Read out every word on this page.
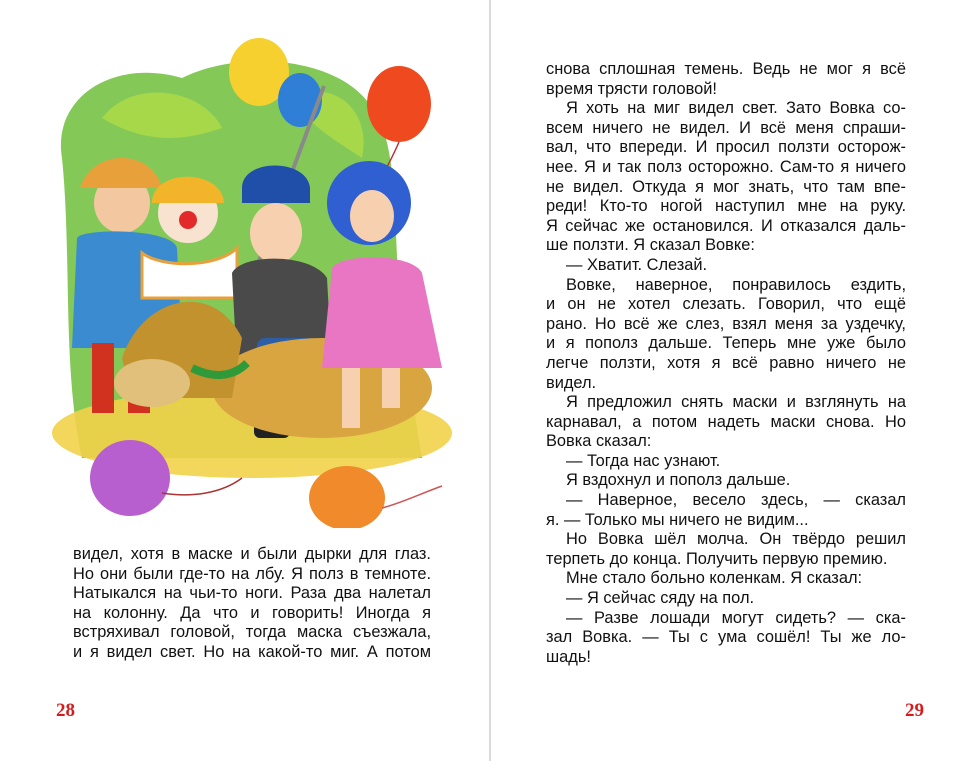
видел, хотя в маске и были дырки для глаз.
Но они были где-то на лбу. Я полз в темноте.
Натыкался на чьи-то ноги. Раза два налетал
на колонну. Да что и говорить! Иногда я
встряхивал головой, тогда маска съезжала,
и я видел свет. Но на какой-то миг. А потом
снова сплошная темень. Ведь не мог я всё
время трясти головой!
Я хоть на миг видел свет. Зато Вовка со-
всем ничего не видел. И всё меня спраши-
вал, что впереди. И просил ползти осторож-
нее. Я и так полз осторожно. Сам-то я ничего
не видел. Откуда я мог знать, что там впе-
реди! Кто-то ногой наступил мне на руку.
Я сейчас же остановился. И отказался даль-
ше ползти. Я сказал Вовке:
— Хватит. Слезай.
Вовке, наверное, понравилось ездить,
и он не хотел слезать. Говорил, что ещё
рано. Но всё же слез, взял меня за уздечку,
и я пополз дальше. Теперь мне уже было
легче ползти, хотя я всё равно ничего не
видел.
Я предложил снять маски и взглянуть на
карнавал, а потом надеть маски снова. Но
Вовка сказал:
— Тогда нас узнают.
Я вздохнул и пополз дальше.
— Наверное, весело здесь, — сказал
я. — Только мы ничего не видим...
Но Вовка шёл молча. Он твёрдо решил
терпеть до конца. Получить первую премию.
Мне стало больно коленкам. Я сказал:
— Я сейчас сяду на пол.
— Разве лошади могут сидеть? — ска-
зал Вовка. — Ты с ума сошёл! Ты же ло-
шадь!
28	29
